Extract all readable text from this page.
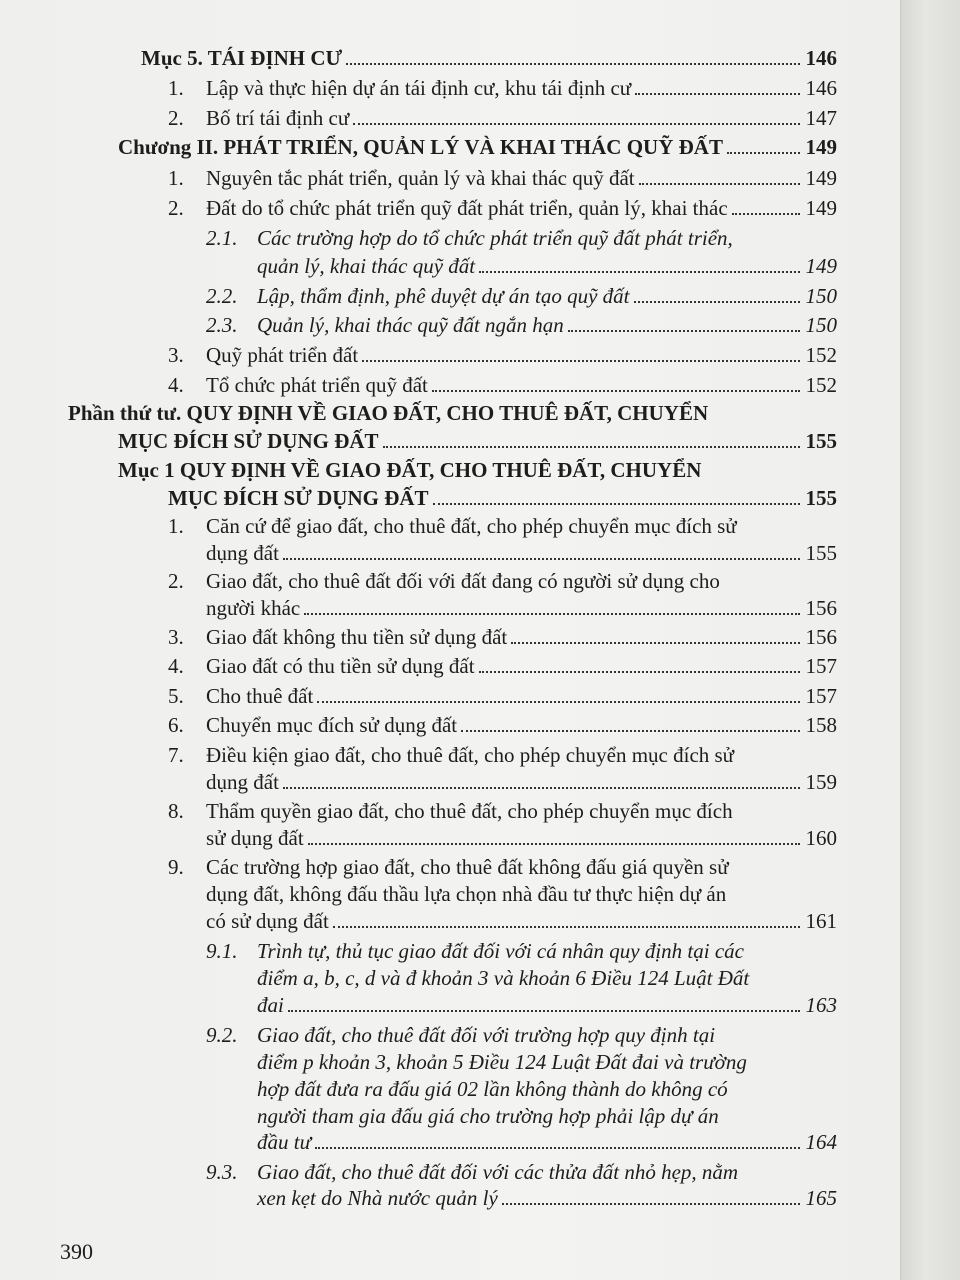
Mục 5. TÁI ĐỊNH CƯ	146
1.	Lập và thực hiện dự án tái định cư, khu tái định cư	146
2.	Bố trí tái định cư	147
Chương II. PHÁT TRIỂN, QUẢN LÝ VÀ KHAI THÁC QUỸ ĐẤT	149
1.	Nguyên tắc phát triển, quản lý và khai thác quỹ đất	149
2.	Đất do tổ chức phát triển quỹ đất phát triển, quản lý, khai thác	149
2.1. Các trường hợp do tổ chức phát triển quỹ đất phát triển,
quản lý, khai thác quỹ đất	149
2.2. Lập, thẩm định, phê duyệt dự án tạo quỹ đất	150
2.3. Quản lý, khai thác quỹ đất ngắn hạn	150
3.	Quỹ phát triển đất	152
4.	Tổ chức phát triển quỹ đất	152
Phần thứ tư. QUY ĐỊNH VỀ GIAO ĐẤT, CHO THUÊ ĐẤT, CHUYỂN
MỤC ĐÍCH SỬ DỤNG ĐẤT	155
Mục 1 QUY ĐỊNH VỀ GIAO ĐẤT, CHO THUÊ ĐẤT, CHUYỂN
MỤC ĐÍCH SỬ DỤNG ĐẤT	155
1. Căn cứ để giao đất, cho thuê đất, cho phép chuyển mục đích sử
dụng đất	155
2. Giao đất, cho thuê đất đối với đất đang có người sử dụng cho
người khác	156
3.	Giao đất không thu tiền sử dụng đất	156
4.	Giao đất có thu tiền sử dụng đất	157
5.	Cho thuê đất	157
6.	Chuyển mục đích sử dụng đất	158
7. Điều kiện giao đất, cho thuê đất, cho phép chuyển mục đích sử
dụng đất	159
8. Thẩm quyền giao đất, cho thuê đất, cho phép chuyển mục đích
sử dụng đất	160
9. Các trường hợp giao đất, cho thuê đất không đấu giá quyền sử
dụng đất, không đấu thầu lựa chọn nhà đầu tư thực hiện dự án
có sử dụng đất	161
9.1. Trình tự, thủ tục giao đất đối với cá nhân quy định tại các
điểm a, b, c, d và đ khoản 3 và khoản 6 Điều 124 Luật Đất
đai	163
9.2. Giao đất, cho thuê đất đối với trường hợp quy định tại
điểm p khoản 3, khoản 5 Điều 124 Luật Đất đai và trường
hợp đất đưa ra đấu giá 02 lần không thành do không có
người tham gia đấu giá cho trường hợp phải lập dự án
đầu tư	164
9.3. Giao đất, cho thuê đất đối với các thửa đất nhỏ hẹp, nằm
xen kẹt do Nhà nước quản lý	165
390
